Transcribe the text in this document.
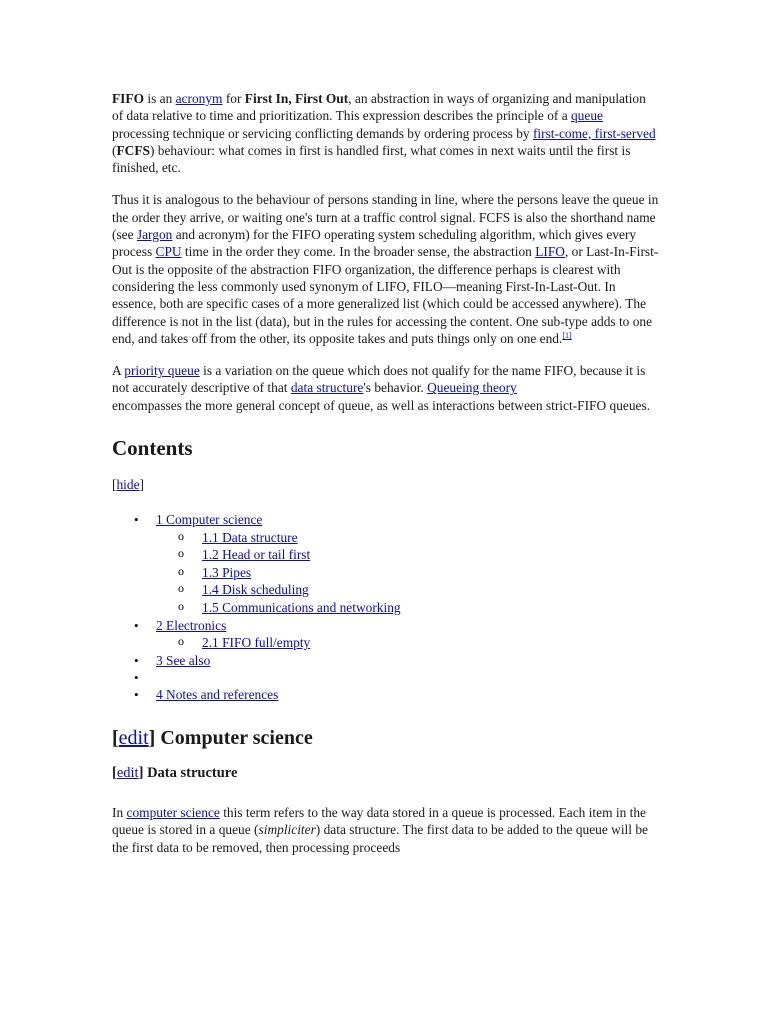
FIFO is an acronym for First In, First Out, an abstraction in ways of organizing and manipulation of data relative to time and prioritization. This expression describes the principle of a queue processing technique or servicing conflicting demands by ordering process by first-come, first-served (FCFS) behaviour: what comes in first is handled first, what comes in next waits until the first is finished, etc.

Thus it is analogous to the behaviour of persons standing in line, where the persons leave the queue in the order they arrive, or waiting one's turn at a traffic control signal. FCFS is also the shorthand name (see Jargon and acronym) for the FIFO operating system scheduling algorithm, which gives every process CPU time in the order they come. In the broader sense, the abstraction LIFO, or Last-In-First-Out is the opposite of the abstraction FIFO organization, the difference perhaps is clearest with considering the less commonly used synonym of LIFO, FILO—meaning First-In-Last-Out. In essence, both are specific cases of a more generalized list (which could be accessed anywhere). The difference is not in the list (data), but in the rules for accessing the content. One sub-type adds to one end, and takes off from the other, its opposite takes and puts things only on one end.[1]

A priority queue is a variation on the queue which does not qualify for the name FIFO, because it is not accurately descriptive of that data structure's behavior. Queueing theory
encompasses the more general concept of queue, as well as interactions between strict-FIFO queues.

Contents
[hide]
• 1 Computer science
o 1.1 Data structure
o 1.2 Head or tail first
o 1.3 Pipes
o 1.4 Disk scheduling
o 1.5 Communications and networking
• 2 Electronics
o 2.1 FIFO full/empty
• 3 See also
•
• 4 Notes and references
[edit] Computer science
[edit] Data structure

In computer science this term refers to the way data stored in a queue is processed. Each item in the queue is stored in a queue (simpliciter) data structure. The first data to be added to the queue will be the first data to be removed, then processing proceeds
